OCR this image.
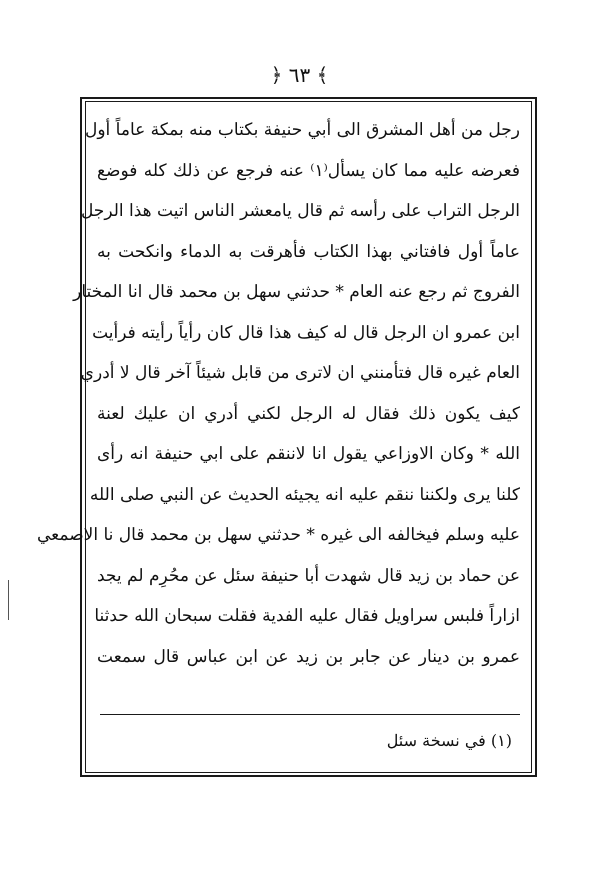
﴿ ٦٣ ﴾
رجل من أهل المشرق الى أبي حنيفة بكتاب منه بمكة عاماً أول
فعرضه عليه مما كان يسأل⁽١⁾ عنه فرجع عن ذلك كله فوضع
الرجل التراب على رأسه ثم قال يامعشر الناس اتيت هذا الرجل
عاماً أول فافتاني بهذا الكتاب فأهرقت به الدماء وانكحت به
الفروج ثم رجع عنه العام * حدثني سهل بن محمد قال انا المختار
ابن عمرو ان الرجل قال له كيف هذا قال كان رأياً رأيته فرأيت
العام غيره قال فتأمنني ان لاترى من قابل شيئاً آخر قال لا أدري
كيف يكون ذلك فقال له الرجل لكني أدري ان عليك لعنة
الله * وكان الاوزاعي يقول انا لاننقم على ابي حنيفة انه رأى
كلنا يرى ولكننا ننقم عليه انه يجيئه الحديث عن النبي صلى الله
عليه وسلم فيخالفه الى غيره * حدثني سهل بن محمد قال نا الاصمعي
عن حماد بن زيد قال شهدت أبا حنيفة سئل عن محُرِم لم يجد
ازاراً فلبس سراويل فقال عليه الفدية فقلت سبحان الله حدثنا
عمرو بن دينار عن جابر بن زيد عن ابن عباس قال سمعت
(١) في نسخة سئل
